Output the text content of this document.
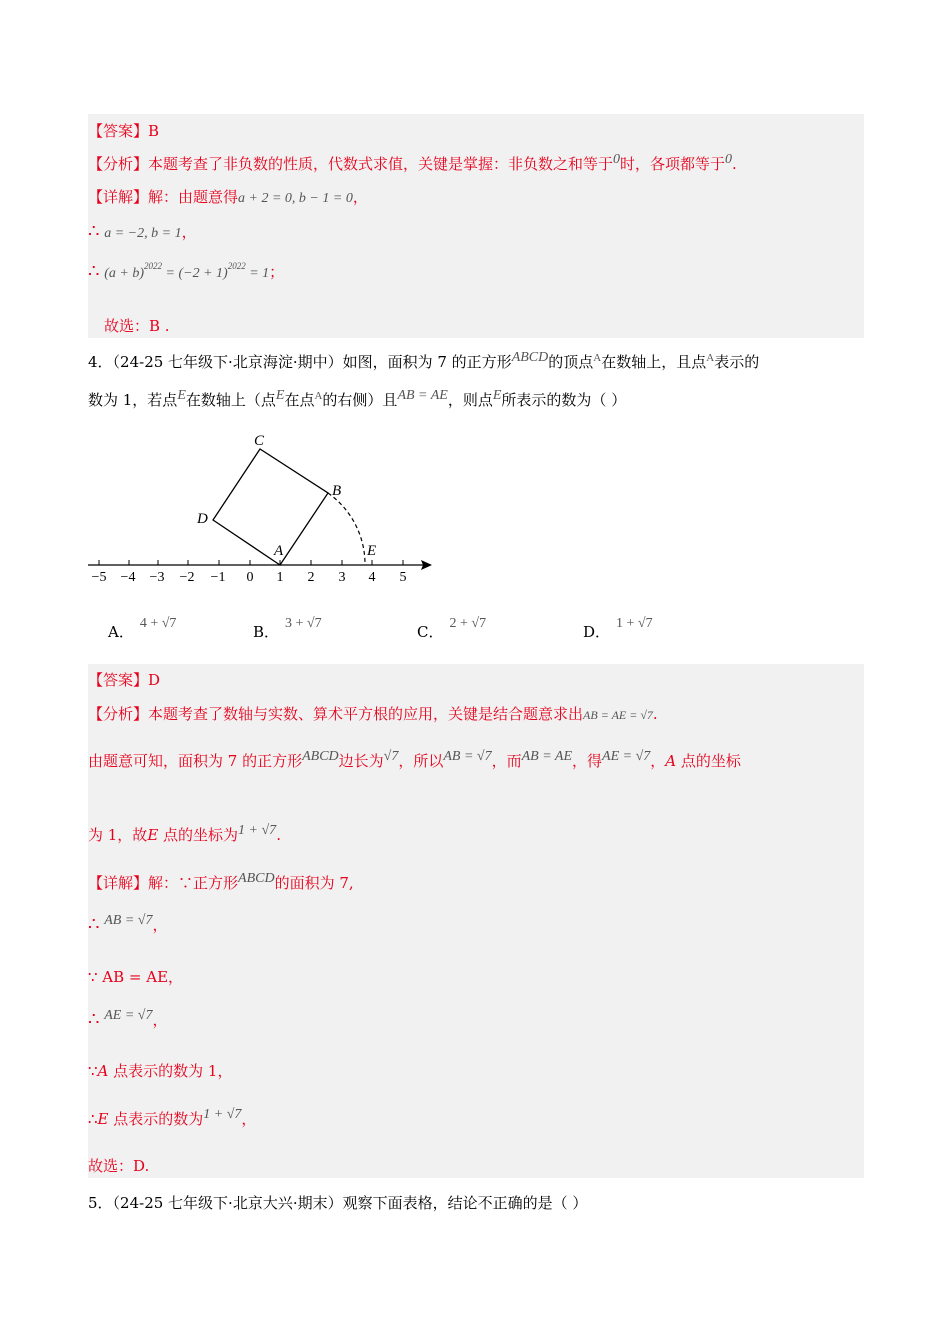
【答案】B
【分析】本题考查了非负数的性质，代数式求值，关键是掌握：非负数之和等于0时，各项都等于0.
【详解】解：由题意得a + 2 = 0, b − 1 = 0，
∴ a = −2, b = 1，
∴ $(a + b)^{2022} = (-2 + 1)^{2022} = 1$；
故选：B .
4．（24-25 七年级下·北京海淀·期中）如图，面积为 7 的正方形ABCD的顶点$^A$在数轴上，且点$^A$表示的
数为 1，若点E在数轴上（点E在点$^A$的右侧）且AB = AE，则点E所表示的数为（ ）
−5 −4 −3 −2 −1 0 1 2 3 4 5
C
B
D
A	E
A． 4 + √7	B． 3 + √7	C． 2 + √7	D． 1 + √7
【答案】D
【分析】本题考查了数轴与实数、算术平方根的应用，关键是结合题意求出AB = AE = √7.
由题意可知，面积为 7 的正方形ABCD边长为√7，所以AB = √7，而AB = AE，得AE = √7，A 点的坐标
为 1，故E 点的坐标为1 + √7.
【详解】解：∵正方形ABCD的面积为 7,
∴ AB = √7，
∵ AB = AE，
∴ AE = √7，
∵A 点表示的数为 1，
∴E 点表示的数为1 + √7，
故选：D.
5．（24-25 七年级下·北京大兴·期末）观察下面表格，结论不正确的是（ ）
